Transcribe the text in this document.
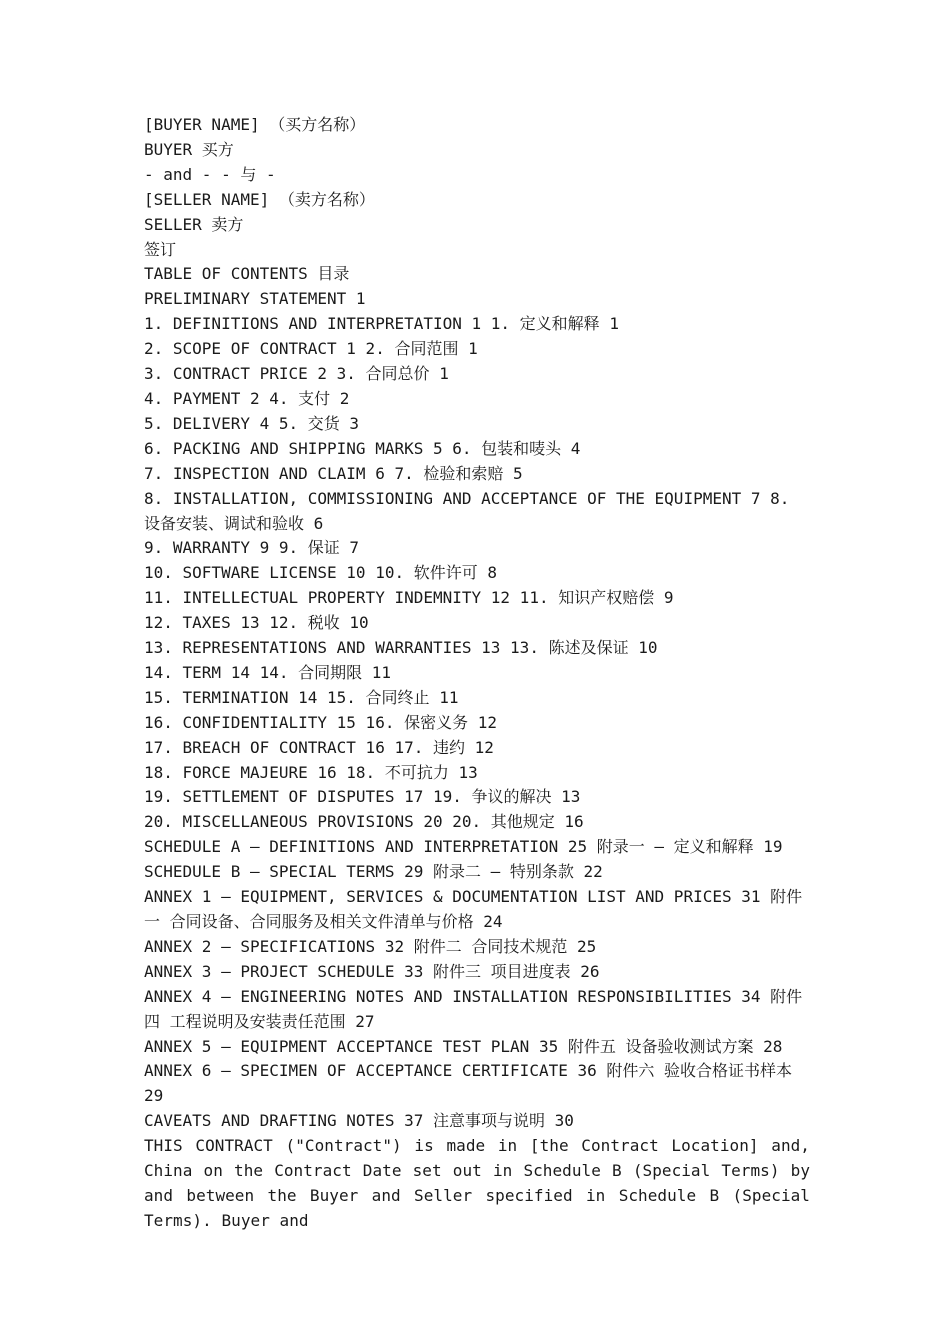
[BUYER NAME] （买方名称）
BUYER 买方
- and - - 与 -
[SELLER NAME] （卖方名称）
SELLER 卖方
签订
TABLE OF CONTENTS 目录
PRELIMINARY STATEMENT 1
1. DEFINITIONS AND INTERPRETATION 1 1. 定义和解释 1
2. SCOPE OF CONTRACT 1 2. 合同范围 1
3. CONTRACT PRICE 2 3. 合同总价 1
4. PAYMENT 2 4. 支付 2
5. DELIVERY 4 5. 交货 3
6. PACKING AND SHIPPING MARKS 5 6. 包装和唛头 4
7. INSPECTION AND CLAIM 6 7. 检验和索赔 5
8. INSTALLATION, COMMISSIONING AND ACCEPTANCE OF THE EQUIPMENT 7 8. 设备安装、调试和验收 6
9. WARRANTY 9 9. 保证 7
10. SOFTWARE LICENSE 10 10. 软件许可 8
11. INTELLECTUAL PROPERTY INDEMNITY 12 11. 知识产权赔偿 9
12. TAXES 13 12. 税收 10
13. REPRESENTATIONS AND WARRANTIES 13 13. 陈述及保证 10
14. TERM 14 14. 合同期限 11
15. TERMINATION 14 15. 合同终止 11
16. CONFIDENTIALITY 15 16. 保密义务 12
17. BREACH OF CONTRACT 16 17. 违约 12
18. FORCE MAJEURE 16 18. 不可抗力 13
19. SETTLEMENT OF DISPUTES 17 19. 争议的解决 13
20. MISCELLANEOUS PROVISIONS 20 20. 其他规定 16
SCHEDULE A – DEFINITIONS AND INTERPRETATION 25 附录一 – 定义和解释 19
SCHEDULE B – SPECIAL TERMS 29 附录二 – 特别条款 22
ANNEX 1 – EQUIPMENT, SERVICES & DOCUMENTATION LIST AND PRICES 31 附件一 合同设备、合同服务及相关文件清单与价格 24
ANNEX 2 – SPECIFICATIONS 32 附件二 合同技术规范 25
ANNEX 3 – PROJECT SCHEDULE 33 附件三 项目进度表 26
ANNEX 4 – ENGINEERING NOTES AND INSTALLATION RESPONSIBILITIES 34 附件四 工程说明及安装责任范围 27
ANNEX 5 – EQUIPMENT ACCEPTANCE TEST PLAN 35 附件五 设备验收测试方案 28
ANNEX 6 – SPECIMEN OF ACCEPTANCE CERTIFICATE 36 附件六 验收合格证书样本 29
CAVEATS AND DRAFTING NOTES 37 注意事项与说明 30
THIS CONTRACT ("Contract") is made in [the Contract Location] and, China on the Contract Date set out in Schedule B (Special Terms) by and between the Buyer and Seller specified in Schedule B (Special Terms). Buyer and
